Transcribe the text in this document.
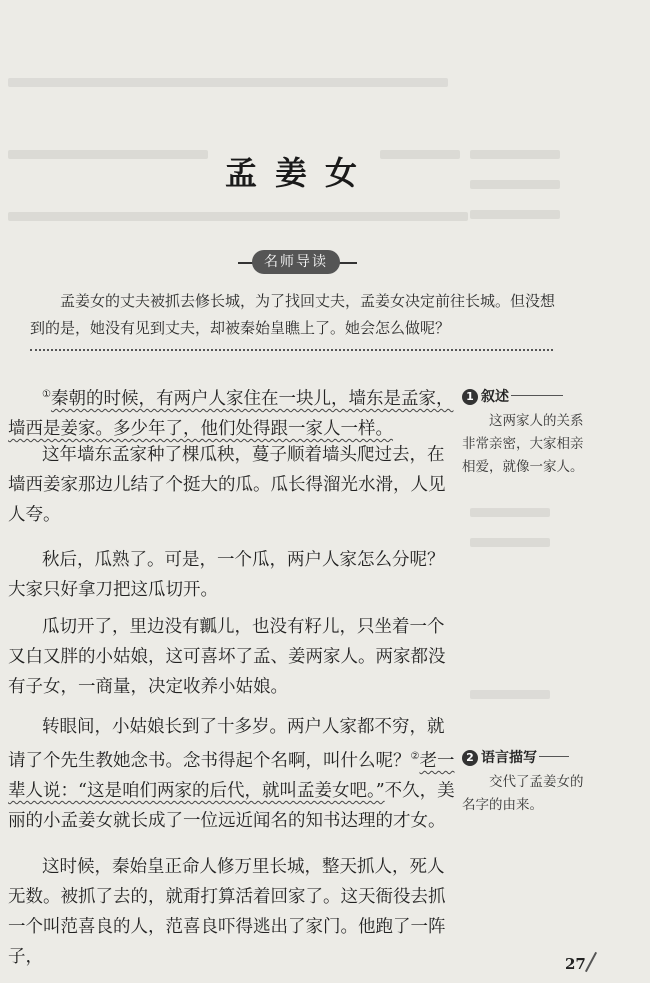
孟姜女
名师导读
孟姜女的丈夫被抓去修长城，为了找回丈夫，孟姜女决定前往长城。但没想到的是，她没有见到丈夫，却被秦始皇瞧上了。她会怎么做呢？
①秦朝的时候，有两户人家住在一块儿，墙东是孟家，墙西是姜家。多少年了，他们处得跟一家人一样。
这年墙东孟家种了棵瓜秧，蔓子顺着墙头爬过去，在墙西姜家那边儿结了个挺大的瓜。瓜长得溜光水滑，人见人夸。
秋后，瓜熟了。可是，一个瓜，两户人家怎么分呢？大家只好拿刀把这瓜切开。
瓜切开了，里边没有瓤儿，也没有籽儿，只坐着一个又白又胖的小姑娘，这可喜坏了孟、姜两家人。两家都没有子女，一商量，决定收养小姑娘。
转眼间，小姑娘长到了十多岁。两户人家都不穷，就请了个先生教她念书。念书得起个名啊，叫什么呢？②老一辈人说：“这是咱们两家的后代，就叫孟姜女吧。”不久，美丽的小孟姜女就长成了一位远近闻名的知书达理的才女。
这时候，秦始皇正命人修万里长城，整天抓人，死人无数。被抓了去的，就甭打算活着回家了。这天衙役去抓一个叫范喜良的人，范喜良吓得逃出了家门。他跑了一阵子，
1 叙述
这两家人的关系非常亲密，大家相亲相爱，就像一家人。
2 语言描写
交代了孟姜女的名字的由来。
27
